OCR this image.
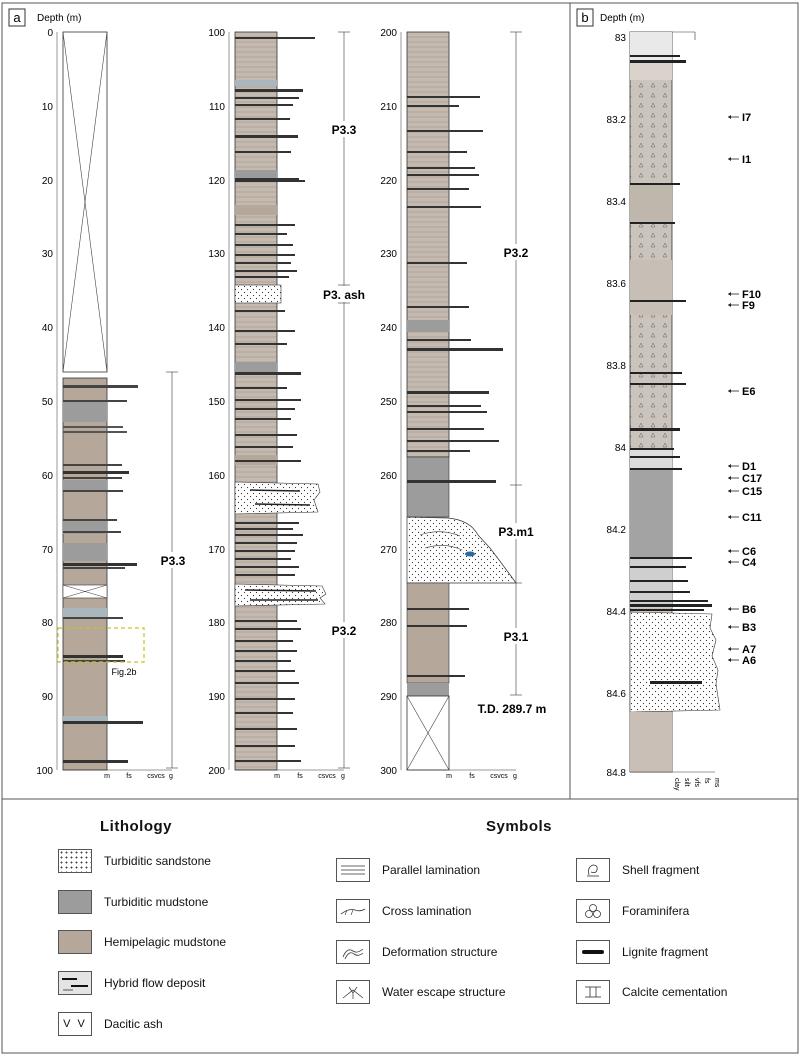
a Depth (m)	b Depth (m)
0
10
20
30
40
50
60
70
80
90
100	m fs csvcs g
P3.3
Fig.2b
100
110
120
130
140
150
160
170
180
190
200	m fs csvcs g
P3.3
P3. ash
P3.2
200
210
220
230
240
250
260
270
280
290
300	m fs csvcs g
P3.2
P3.m1
P3.1
T.D. 289.7 m
83
83.2
83.4
83.6
83.8
84
84.2
84.4
84.6
84.8
clay silt vfs fs ms
I7
I1
F10
F9
E6
D1
C17
C15
C11
C6
C4
B6
B3
A7
A6
Lithology	Symbols
Turbiditic sandstone
Turbiditic mudstone
Hemipelagic mudstone
Hybrid flow deposit
V V	Dacitic ash
Parallel lamination
Cross lamination
Deformation structure
Water escape structure
Shell fragment
Foraminifera
Lignite fragment
Calcite cementation
